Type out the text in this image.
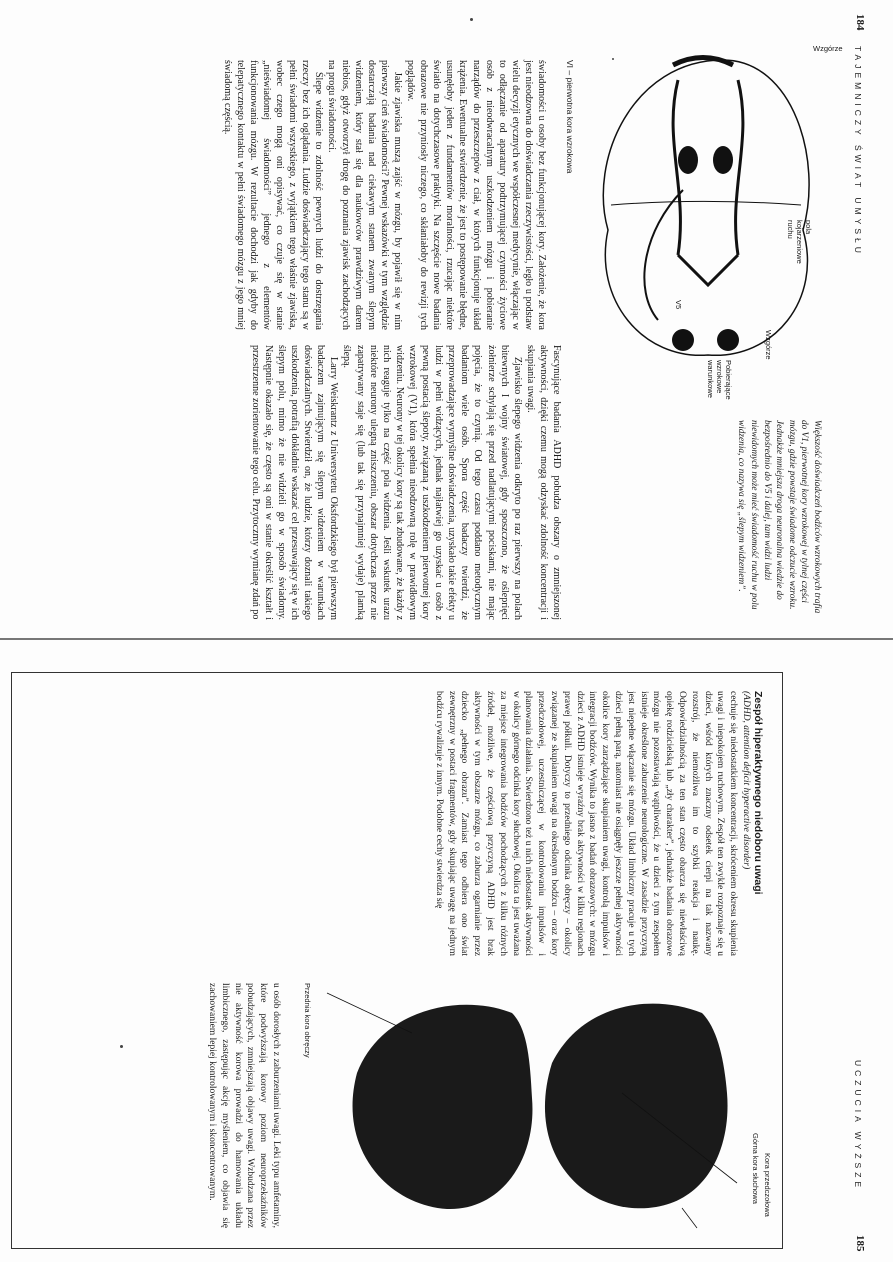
184
TAJEMNICZY ŚWIAT UMYSŁU
Wzgórze
V5
Wzgórze
pola
kojarzeniowe
ruchu
Pobierające
wzrokowe
warunkowe
VI – pierwotna kora wzrokowa
Większość doświadczeń bodźców wzrokowych trafia do V1, pierwotnej kory wzrokowej w tylnej części mózgu, gdzie powstaje świadome odczucie wzroku. Jednakże mniejsza droga neuronalna wiedzie do bezpośrednio do V5 i dalej, tam widzi ludzi niewidomych może mieć świadomość ruchu w polu widzenia, co nazywa się „ślepym widzeniem”.

Fascynujące badania ADHD pobudza obszary o zmniejszonej aktywności, dzięki czemu mogą odzyskać zdolność koncentracji i skupiania uwagi.

Zjawisko ślepego widzenia odkryto po raz pierwszy na polach bitewnych I wojny światowej, gdy sposzczono, że ośleprięci żołnierze schylają się przed nadlatującymi pociskami, nie mając pojęcia, że to czynią. Od tego czasu poddano metodycznym badaniom wiele osób. Spora część badaczy twierdzi, że przeprowadzające wymyślne doświadczenia, uzyskało takie efekty u ludzi w pełni widzących, jednak najłatwiej go uzyskać u osób z pewną postacią ślepoty, związaną z uszkodzeniem pierwotnej kory wzrokowej (V1), która spełnia nieodzowną rolę w prawidłowym widzeniu. Neurony w tej okolicy kory są tak zbudowane, że każdy z nich reaguje tylko na część pola widzenia. Jeśli wskutek urazu niektóre neurony ulegną zniszczeniu, obszar dotychczas przez nie zapatrywany staje się (lub tak się przynajmniej wydaje) plamką ślepą.

Larry Weiskrantz z Uniwersytetu Oksfordzkiego był pierwszym badaczem zajmującym się ślepym widzeniem w warunkach doświadczalnych. Stwierdził on, że ludzie, którzy doznali takiego uszkodzenia, potrafią dokładnie wskazać cel przesuwający się w ich ślepym polu, mimo że nie widzieli go w sposób świadomy. Następnie okazało się, że często są oni w stanie określić kształt i przestrzenne zorientowanie tego celu. Przytoczmy wymianę zdań po

świadomości u osoby bez funkcjonującej kory. Założenie, że kora jest nieodzowna do doświadczania rzeczywistości, legło u podstaw wielu decyzji etycznych we współczesnej medycynie, włączając w to odłączanie od aparatury podtrzymującej czynności życiowe osób z nieodwracalnym uszkodzeniem mózgu i pobieranie narządów do przeszczepów z ciał, w których funkcjonuje układ krążenia. Ewentualne stwierdzenie, że jest to postępowanie błędne, usunęłoby jeden z fundamentów moralności, rzucając niektóre światło na dotychczasowe praktyki. Na szczęście nowe badania obrazowe nie przyniosły niczego, co skłaniałoby do rewizji tych poglądów.

Jakie zjawiska muszą zajść w mózgu, by pojawił się w nim pierwszy cień świadomości? Pewnej wskazówki w tym względzie dostarczają badania nad ciekawym stanem zwanym ślepym widzeniem, który stał się dla naukowców prawdziwym darem niebios, gdyż otworzył drogę do poznania zjawisk zachodzących na progu świadomości.

Ślepe widzenie to zdolność pewnych ludzi do dostrzegania rzeczy bez ich oglądania. Ludzie doświadczający tego stanu są w pełni świadomi wszystkiego, z wyjątkiem tego właśnie zjawiska, wobec czego mogą oni opisywać, co czuje się w stanie „nieświadomej świadomości” jednego z elementów funkcjonowania mózgu. W rezultacie dochodzi jak gdyby do telepatycznego kontaktu w pełni świadomego mózgu z jego mniej świadomą częścią.

UCZUCIA WYŻSZE
185
Zespół hiperaktywnego niedoboru uwagi
(ADHD, attention deficit hyperactive disorder)
cechuje się niedostatkiem koncentracji, skróceniem okresu skupienia uwagi i niepokojem ruchowym. Zespół ten zwykle rozpoznaje się u dzieci, wśród których znaczny odsetek cierpi na tak nazwany rozstrój, że niemożliwa im to szybki reakcja i naukę. Odpowiedzialnością za ten stan często obarcza się niewłaściwą opiekę rodzicielską lub „zły charakter”, jednakże badania obrazowe mózgu nie pozostawiają wątpliwości, że u dzieci z tym zespołem istnieje określone zaburzenie neurologiczne. W zasadzie przyczyną jest niepełne włączanie się mózgu. Układ limbiczny pracuje u tych dzieci pełną parą, natomiast nie osiągnęły jeszcze pełnej aktywności okolice kory zarządzające skupianiem uwagi, kontrolą impulsów i integracji bodźców. Wynika to jasno z badań obrazowych: w mózgu dzieci z ADHD istnieje wyraźny brak aktywności w kilku regionach prawej półkuli. Dotyczy to przedniego odcinka obręczy – okolicy związanej ze skupianiem uwagi na określonym bodźcu – oraz kory przedczołowej, uczestniczącej w kontrolowaniu impulsów i planowania działania. Stwierdzono też u nich niedostatek aktywności w okolicy górnego odcinka kory słuchowej. Okolica ta jest uważana za miejsce integrowania bodźców pochodzących z kilku różnych źródeł, możliwe, że częściową przyczyną ADHD jest brak aktywności w tym obszarze mózgu, co zaburza ogarnianie przez dziecko „pełnego obrazu”. Zamiast tego odbiera ono świat zewnętrzny w postaci fragmentów, gdy skupiając uwagę na jednym bodźcu rywalizuje z innym. Podobne cechy stwierdza się
Górna kora słuchowa Kora przedczołowa
Przednia kora obręczy
u osób dorosłych z zaburzeniami uwagi. Leki typu amfetaminy, które podwyższają korowy poziom neuroprzekaźników pobudzających, zmniejszają objawy uwagi. Wzbudzana przez nie aktywność korowa prowadzi do hamowania układu limbicznego, zastępując akcję myśleniem, co objawia się zachowaniem lepiej kontrolowanym i skoncentrowanym.
